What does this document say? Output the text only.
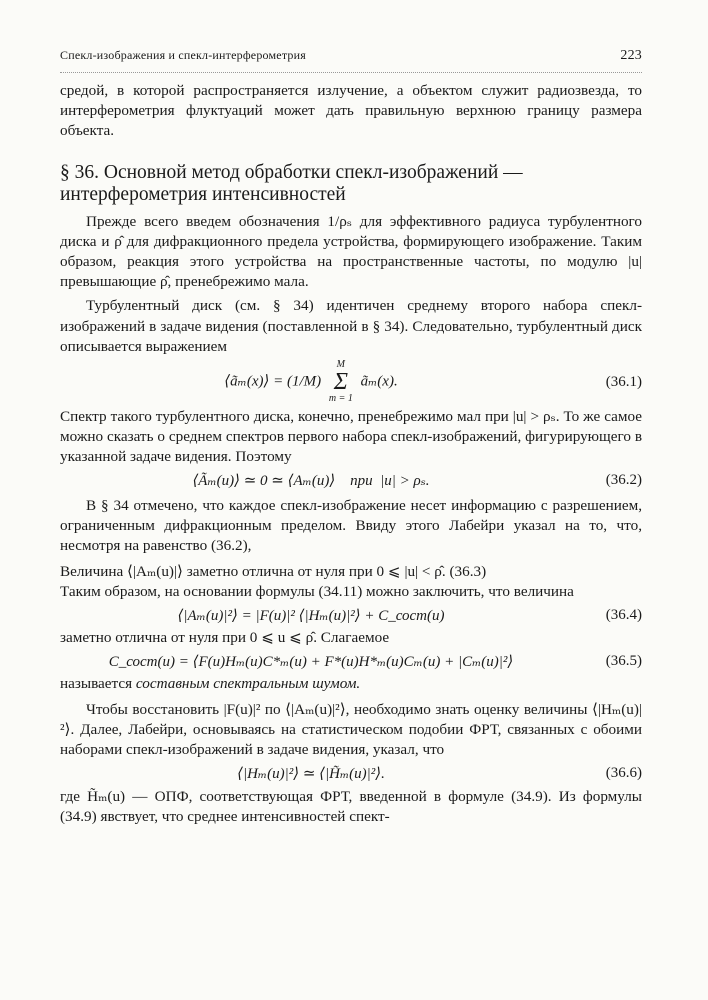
Спекл-изображения и спекл-интерферометрия	223

средой, в которой распространяется излучение, а объектом служит радиозвезда, то интерферометрия флуктуаций может дать правильную верхнюю границу размера объекта.

§ 36. Основной метод обработки спекл-изображений —
интерферометрия интенсивностей

Прежде всего введем обозначения 1/ρₛ для эффективного радиуса турбулентного диска и ρ̂ для дифракционного предела устройства, формирующего изображение. Таким образом, реакция этого устройства на пространственные частоты, по модулю |u| превышающие ρ̂, пренебрежимо мала.

Турбулентный диск (см. § 34) идентичен среднему второго набора спекл-изображений в задаче видения (поставленной в § 34). Следовательно, турбулентный диск описывается выражением

⟨ãₘ(x)⟩ = (1/M)
M
Σ
m = 1
ãₘ(x).	(36.1)

Спектр такого турбулентного диска, конечно, пренебрежимо мал при |u| > ρₛ. То же самое можно сказать о среднем спектров первого набора спекл-изображений, фигурирующего в указанной задаче видения. Поэтому

⟨Ãₘ(u)⟩ ≃ 0 ≃ ⟨Aₘ(u)⟩    при  |u| > ρₛ.	(36.2)

В § 34 отмечено, что каждое спекл-изображение несет информацию с разрешением, ограниченным дифракционным пределом. Ввиду этого Лабейри указал на то, что, несмотря на равенство (36.2),

Величина ⟨|Aₘ(u)|⟩ заметно отлична от нуля при 0 ⩽ |u| < ρ̂. (36.3)

Таким образом, на основании формулы (34.11) можно заключить, что величина

⟨|Aₘ(u)|²⟩ = |F(u)|² ⟨|Hₘ(u)|²⟩ + C_сост(u)	(36.4)

заметно отлична от нуля при 0 ⩽ u ⩽ ρ̂. Слагаемое

C_сост(u) = ⟨F(u)Hₘ(u)C*ₘ(u) + F*(u)H*ₘ(u)Cₘ(u) + |Cₘ(u)|²⟩	(36.5)

называется составным спектральным шумом.

Чтобы восстановить |F(u)|² по ⟨|Aₘ(u)|²⟩, необходимо знать оценку величины ⟨|Hₘ(u)|²⟩. Далее, Лабейри, основываясь на статистическом подобии ФРТ, связанных с обоими наборами спекл-изображений в задаче видения, указал, что

⟨|Hₘ(u)|²⟩ ≃ ⟨|H̃ₘ(u)|²⟩.	(36.6)

где H̃ₘ(u) — ОПФ, соответствующая ФРТ, введенной в формуле (34.9). Из формулы (34.9) явствует, что среднее интенсивностей спект-
